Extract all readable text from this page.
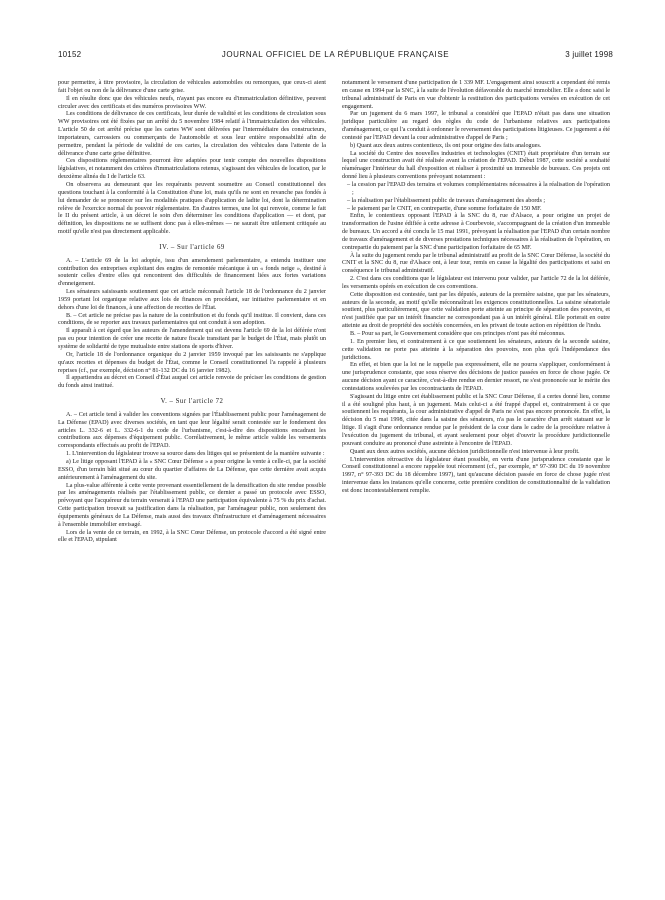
10152	JOURNAL OFFICIEL DE LA RÉPUBLIQUE FRANÇAISE	3 juillet 1998

pour permettre, à titre provisoire, la circulation de véhicules automobiles ou remorques, que ceux-ci aient fait l'objet ou non de la délivrance d'une carte grise.

Il en résulte donc que des véhicules neufs, n'ayant pas encore eu d'immatriculation définitive, peuvent circuler avec des certificats et des numéros provisoires WW.

Les conditions de délivrance de ces certificats, leur durée de validité et les conditions de circulation sous WW provisoires ont été fixées par un arrêté du 5 novembre 1984 relatif à l'immatriculation des véhicules. L'article 50 de cet arrêté précise que les cartes WW sont délivrées par l'intermédiaire des constructeurs, importateurs, carrossiers ou commerçants de l'automobile et sous leur entière responsabilité afin de permettre, pendant la période de validité de ces cartes, la circulation des véhicules dans l'attente de la délivrance d'une carte grise définitive.

Ces dispositions réglementaires pourront être adaptées pour tenir compte des nouvelles dispositions législatives, et notamment des critères d'immatriculations retenus, s'agissant des véhicules de location, par le deuxième alinéa du I de l'article 63.

On observera au demeurant que les requérants peuvent soumettre au Conseil constitutionnel des questions touchant à la conformité à la Constitution d'une loi, mais qu'ils ne sont en revanche pas fondés à lui demander de se prononcer sur les modalités pratiques d'application de ladite loi, dont la détermination relève de l'exercice normal du pouvoir réglementaire. En d'autres termes, une loi qui renvoie, comme le fait le II du présent article, à un décret le soin d'en déterminer les conditions d'application — et dont, par définition, les dispositions ne se suffisent donc pas à elles-mêmes — ne saurait être utilement critiquée au motif qu'elle n'est pas directement applicable.

IV. – Sur l'article 69

A. – L'article 69 de la loi adoptée, issu d'un amendement parlementaire, a entendu instituer une contribution des entreprises exploitant des engins de remontée mécanique à un « fonds neige », destiné à soutenir celles d'entre elles qui rencontrent des difficultés de financement liées aux fortes variations d'enneigement.

Les sénateurs saisissants soutiennent que cet article méconnaît l'article 18 de l'ordonnance du 2 janvier 1959 portant loi organique relative aux lois de finances en procédant, sur initiative parlementaire et en dehors d'une loi de finances, à une affection de recettes de l'État.

B. – Cet article ne précise pas la nature de la contribution et du fonds qu'il institue. Il convient, dans ces conditions, de se reporter aux travaux parlementaires qui ont conduit à son adoption.

Il apparaît à cet égard que les auteurs de l'amendement qui est devenu l'article 69 de la loi déférée n'ont pas eu pour intention de créer une recette de nature fiscale transitant par le budget de l'État, mais plutôt un système de solidarité de type mutualiste entre stations de sports d'hiver.

Or, l'article 18 de l'ordonnance organique du 2 janvier 1959 invoqué par les saisissants ne s'applique qu'aux recettes et dépenses du budget de l'État, comme le Conseil constitutionnel l'a rappelé à plusieurs reprises (cf., par exemple, décision n° 81-132 DC du 16 janvier 1982).

Il appartiendra au décret en Conseil d'État auquel cet article renvoie de préciser les conditions de gestion du fonds ainsi institué.

V. – Sur l'article 72

A. – Cet article tend à valider les conventions signées par l'Établissement public pour l'aménagement de La Défense (EPAD) avec diverses sociétés, en tant que leur légalité serait contestée sur le fondement des articles L. 332-6 et L. 332-6-1 du code de l'urbanisme, c'est-à-dire des dispositions encadrant les contributions aux dépenses d'équipement public. Corrélativement, le même article valide les versements correspondants effectués au profit de l'EPAD.

1. L'intervention du législateur trouve sa source dans des litiges qui se présentent de la manière suivante :

a) Le litige opposant l'EPAD à la « SNC Cœur Défense » a pour origine la vente à celle-ci, par la société ESSO, d'un terrain bâti situé au cœur du quartier d'affaires de La Défense, que cette dernière avait acquis antérieurement à l'aménagement du site.

La plus-value afférente à cette vente provenant essentiellement de la densification du site rendue possible par les aménagements réalisés par l'établissement public, ce dernier a passé un protocole avec ESSO, prévoyant que l'acquéreur du terrain verserait à l'EPAD une participation équivalente à 75 % du prix d'achat. Cette participation trouvait sa justification dans la réalisation, par l'aménageur public, non seulement des équipements généraux de La Défense, mais aussi des travaux d'infrastructure et d'aménagement nécessaires à l'ensemble immobilier envisagé.

Lors de la vente de ce terrain, en 1992, à la SNC Cœur Défense, un protocole d'accord a été signé entre elle et l'EPAD, stipulant

notamment le versement d'une participation de 1 339 MF. L'engagement ainsi souscrit a cependant été remis en cause en 1994 par la SNC, à la suite de l'évolution défavorable du marché immobilier. Elle a donc saisi le tribunal administratif de Paris en vue d'obtenir la restitution des participations versées en exécution de cet engagement.

Par un jugement du 6 mars 1997, le tribunal a considéré que l'EPAD n'était pas dans une situation juridique particulière au regard des règles du code de l'urbanisme relatives aux participations d'aménagement, ce qui l'a conduit à ordonner le reversement des participations litigieuses. Ce jugement a été contesté par l'EPAD devant la cour administrative d'appel de Paris ;

b) Quant aux deux autres contentieux, ils ont pour origine des faits analogues.

La société du Centre des nouvelles industries et technologies (CNIT) était propriétaire d'un terrain sur lequel une construction avait été réalisée avant la création de l'EPAD. Début 1987, cette société a souhaité réaménager l'intérieur du hall d'exposition et réaliser à proximité un immeuble de bureaux. Ces projets ont donné lieu à plusieurs conventions prévoyant notamment :

– la cession par l'EPAD des terrains et volumes complémentaires nécessaires à la réalisation de l'opération ;

– la réalisation par l'établissement public de travaux d'aménagement des abords ;

– le paiement par le CNIT, en contrepartie, d'une somme forfaitaire de 150 MF.

Enfin, le contentieux opposant l'EPAD à la SNC du 8, rue d'Alsace, a pour origine un projet de transformation de l'usine édifiée à cette adresse à Courbevoie, s'accompagnant de la création d'un immeuble de bureaux. Un accord a été conclu le 15 mai 1991, prévoyant la réalisation par l'EPAD d'un certain nombre de travaux d'aménagement et de diverses prestations techniques nécessaires à la réalisation de l'opération, en contrepartie du paiement par la SNC d'une participation forfaitaire de 65 MF.

À la suite du jugement rendu par le tribunal administratif au profit de la SNC Cœur Défense, la société du CNIT et la SNC du 8, rue d'Alsace ont, à leur tour, remis en cause la légalité des participations et saisi en conséquence le tribunal administratif.

2. C'est dans ces conditions que le législateur est intervenu pour valider, par l'article 72 de la loi déférée, les versements opérés en exécution de ces conventions.

Cette disposition est contestée, tant par les députés, auteurs de la première saisine, que par les sénateurs, auteurs de la seconde, au motif qu'elle méconnaîtrait les exigences constitutionnelles. La saisine sénatoriale soutient, plus particulièrement, que cette validation porte atteinte au principe de séparation des pouvoirs, et n'est justifiée que par un intérêt financier ne correspondant pas à un intérêt général. Elle porterait en outre atteinte au droit de propriété des sociétés concernées, en les privant de toute action en répétition de l'indu.

B. – Pour sa part, le Gouvernement considère que ces principes n'ont pas été méconnus.

1. En premier lieu, et contrairement à ce que soutiennent les sénateurs, auteurs de la seconde saisine, cette validation ne porte pas atteinte à la séparation des pouvoirs, non plus qu'à l'indépendance des juridictions.

En effet, et bien que la loi ne le rappelle pas expressément, elle ne pourra s'appliquer, conformément à une jurisprudence constante, que sous réserve des décisions de justice passées en force de chose jugée. Or aucune décision ayant ce caractère, c'est-à-dire rendue en dernier ressort, ne s'est prononcée sur le mérite des contestations soulevées par les cocontractants de l'EPAD.

S'agissant du litige entre cet établissement public et la SNC Cœur Défense, il a certes donné lieu, comme il a été souligné plus haut, à un jugement. Mais celui-ci a été frappé d'appel et, contrairement à ce que soutiennent les requérants, la cour administrative d'appel de Paris ne s'est pas encore prononcée. En effet, la décision du 5 mai 1998, citée dans la saisine des sénateurs, n'a pas le caractère d'un arrêt statuant sur le litige. Il s'agit d'une ordonnance rendue par le président de la cour dans le cadre de la procédure relative à l'exécution du jugement du tribunal, et ayant seulement pour objet d'ouvrir la procédure juridictionnelle pouvant conduire au prononcé d'une astreinte à l'encontre de l'EPAD.

Quant aux deux autres sociétés, aucune décision juridictionnelle n'est intervenue à leur profit.

L'intervention rétroactive du législateur étant possible, en vertu d'une jurisprudence constante que le Conseil constitutionnel a encore rappelée tout récemment (cf., par exemple, n° 97-390 DC du 19 novembre 1997, n° 97-393 DC du 18 décembre 1997), tant qu'aucune décision passée en force de chose jugée n'est intervenue dans les instances qu'elle concerne, cette première condition de constitutionnalité de la validation est donc incontestablement remplie.
